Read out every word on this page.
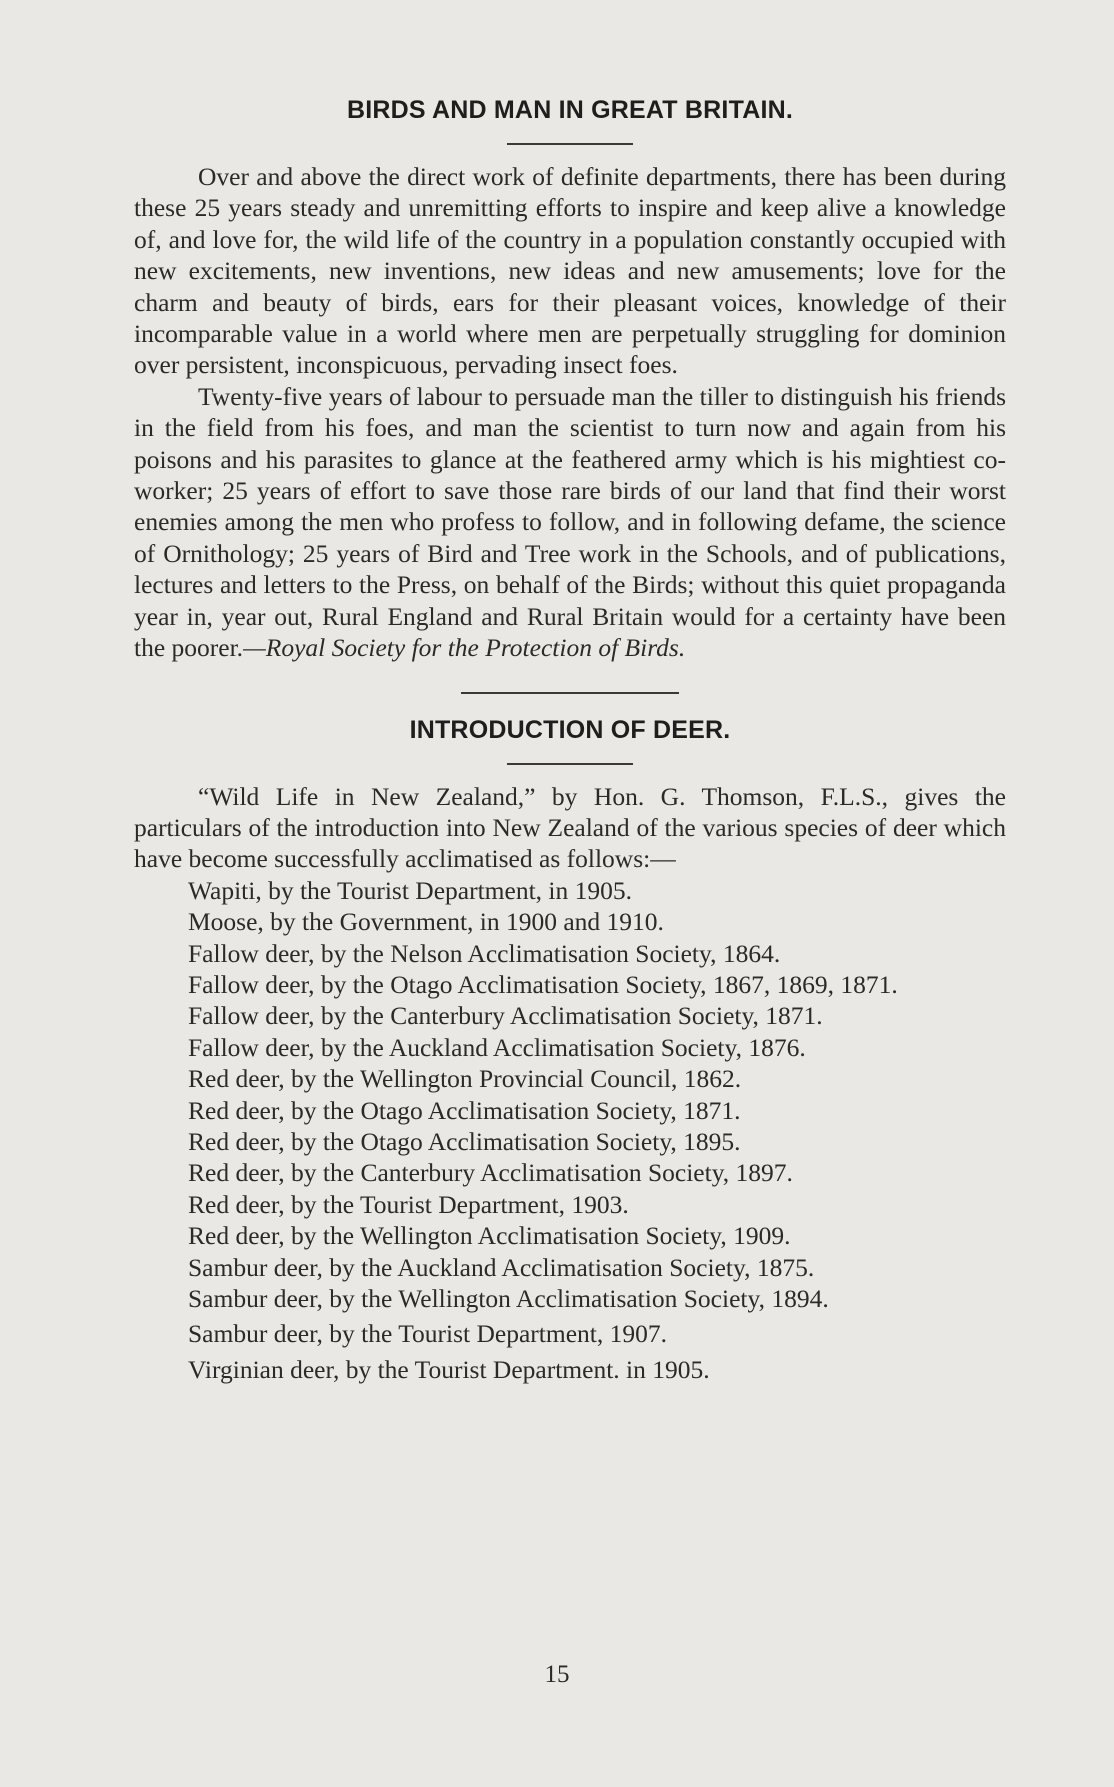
BIRDS AND MAN IN GREAT BRITAIN.

Over and above the direct work of definite departments, there has been during these 25 years steady and unremitting efforts to inspire and keep alive a knowledge of, and love for, the wild life of the country in a population constantly occupied with new excitements, new inventions, new ideas and new amusements; love for the charm and beauty of birds, ears for their pleasant voices, knowledge of their incomparable value in a world where men are perpetually struggling for dominion over persistent, inconspicuous, pervading insect foes.

Twenty-five years of labour to persuade man the tiller to distinguish his friends in the field from his foes, and man the scientist to turn now and again from his poisons and his parasites to glance at the feathered army which is his mightiest co-worker; 25 years of effort to save those rare birds of our land that find their worst enemies among the men who profess to follow, and in following defame, the science of Ornithology; 25 years of Bird and Tree work in the Schools, and of publications, lectures and letters to the Press, on behalf of the Birds; without this quiet propaganda year in, year out, Rural England and Rural Britain would for a certainty have been the poorer.—Royal Society for the Protection of Birds.

INTRODUCTION OF DEER.

“Wild Life in New Zealand,” by Hon. G. Thomson, F.L.S., gives the particulars of the introduction into New Zealand of the various species of deer which have become successfully acclimatised as follows:—

Wapiti, by the Tourist Department, in 1905.
Moose, by the Government, in 1900 and 1910.
Fallow deer, by the Nelson Acclimatisation Society, 1864.
Fallow deer, by the Otago Acclimatisation Society, 1867, 1869, 1871.
Fallow deer, by the Canterbury Acclimatisation Society, 1871.
Fallow deer, by the Auckland Acclimatisation Society, 1876.
Red deer, by the Wellington Provincial Council, 1862.
Red deer, by the Otago Acclimatisation Society, 1871.
Red deer, by the Otago Acclimatisation Society, 1895.
Red deer, by the Canterbury Acclimatisation Society, 1897.
Red deer, by the Tourist Department, 1903.
Red deer, by the Wellington Acclimatisation Society, 1909.
Sambur deer, by the Auckland Acclimatisation Society, 1875.
Sambur deer, by the Wellington Acclimatisation Society, 1894.
Sambur deer, by the Tourist Department, 1907.
Virginian deer, by the Tourist Department. in 1905.
15
